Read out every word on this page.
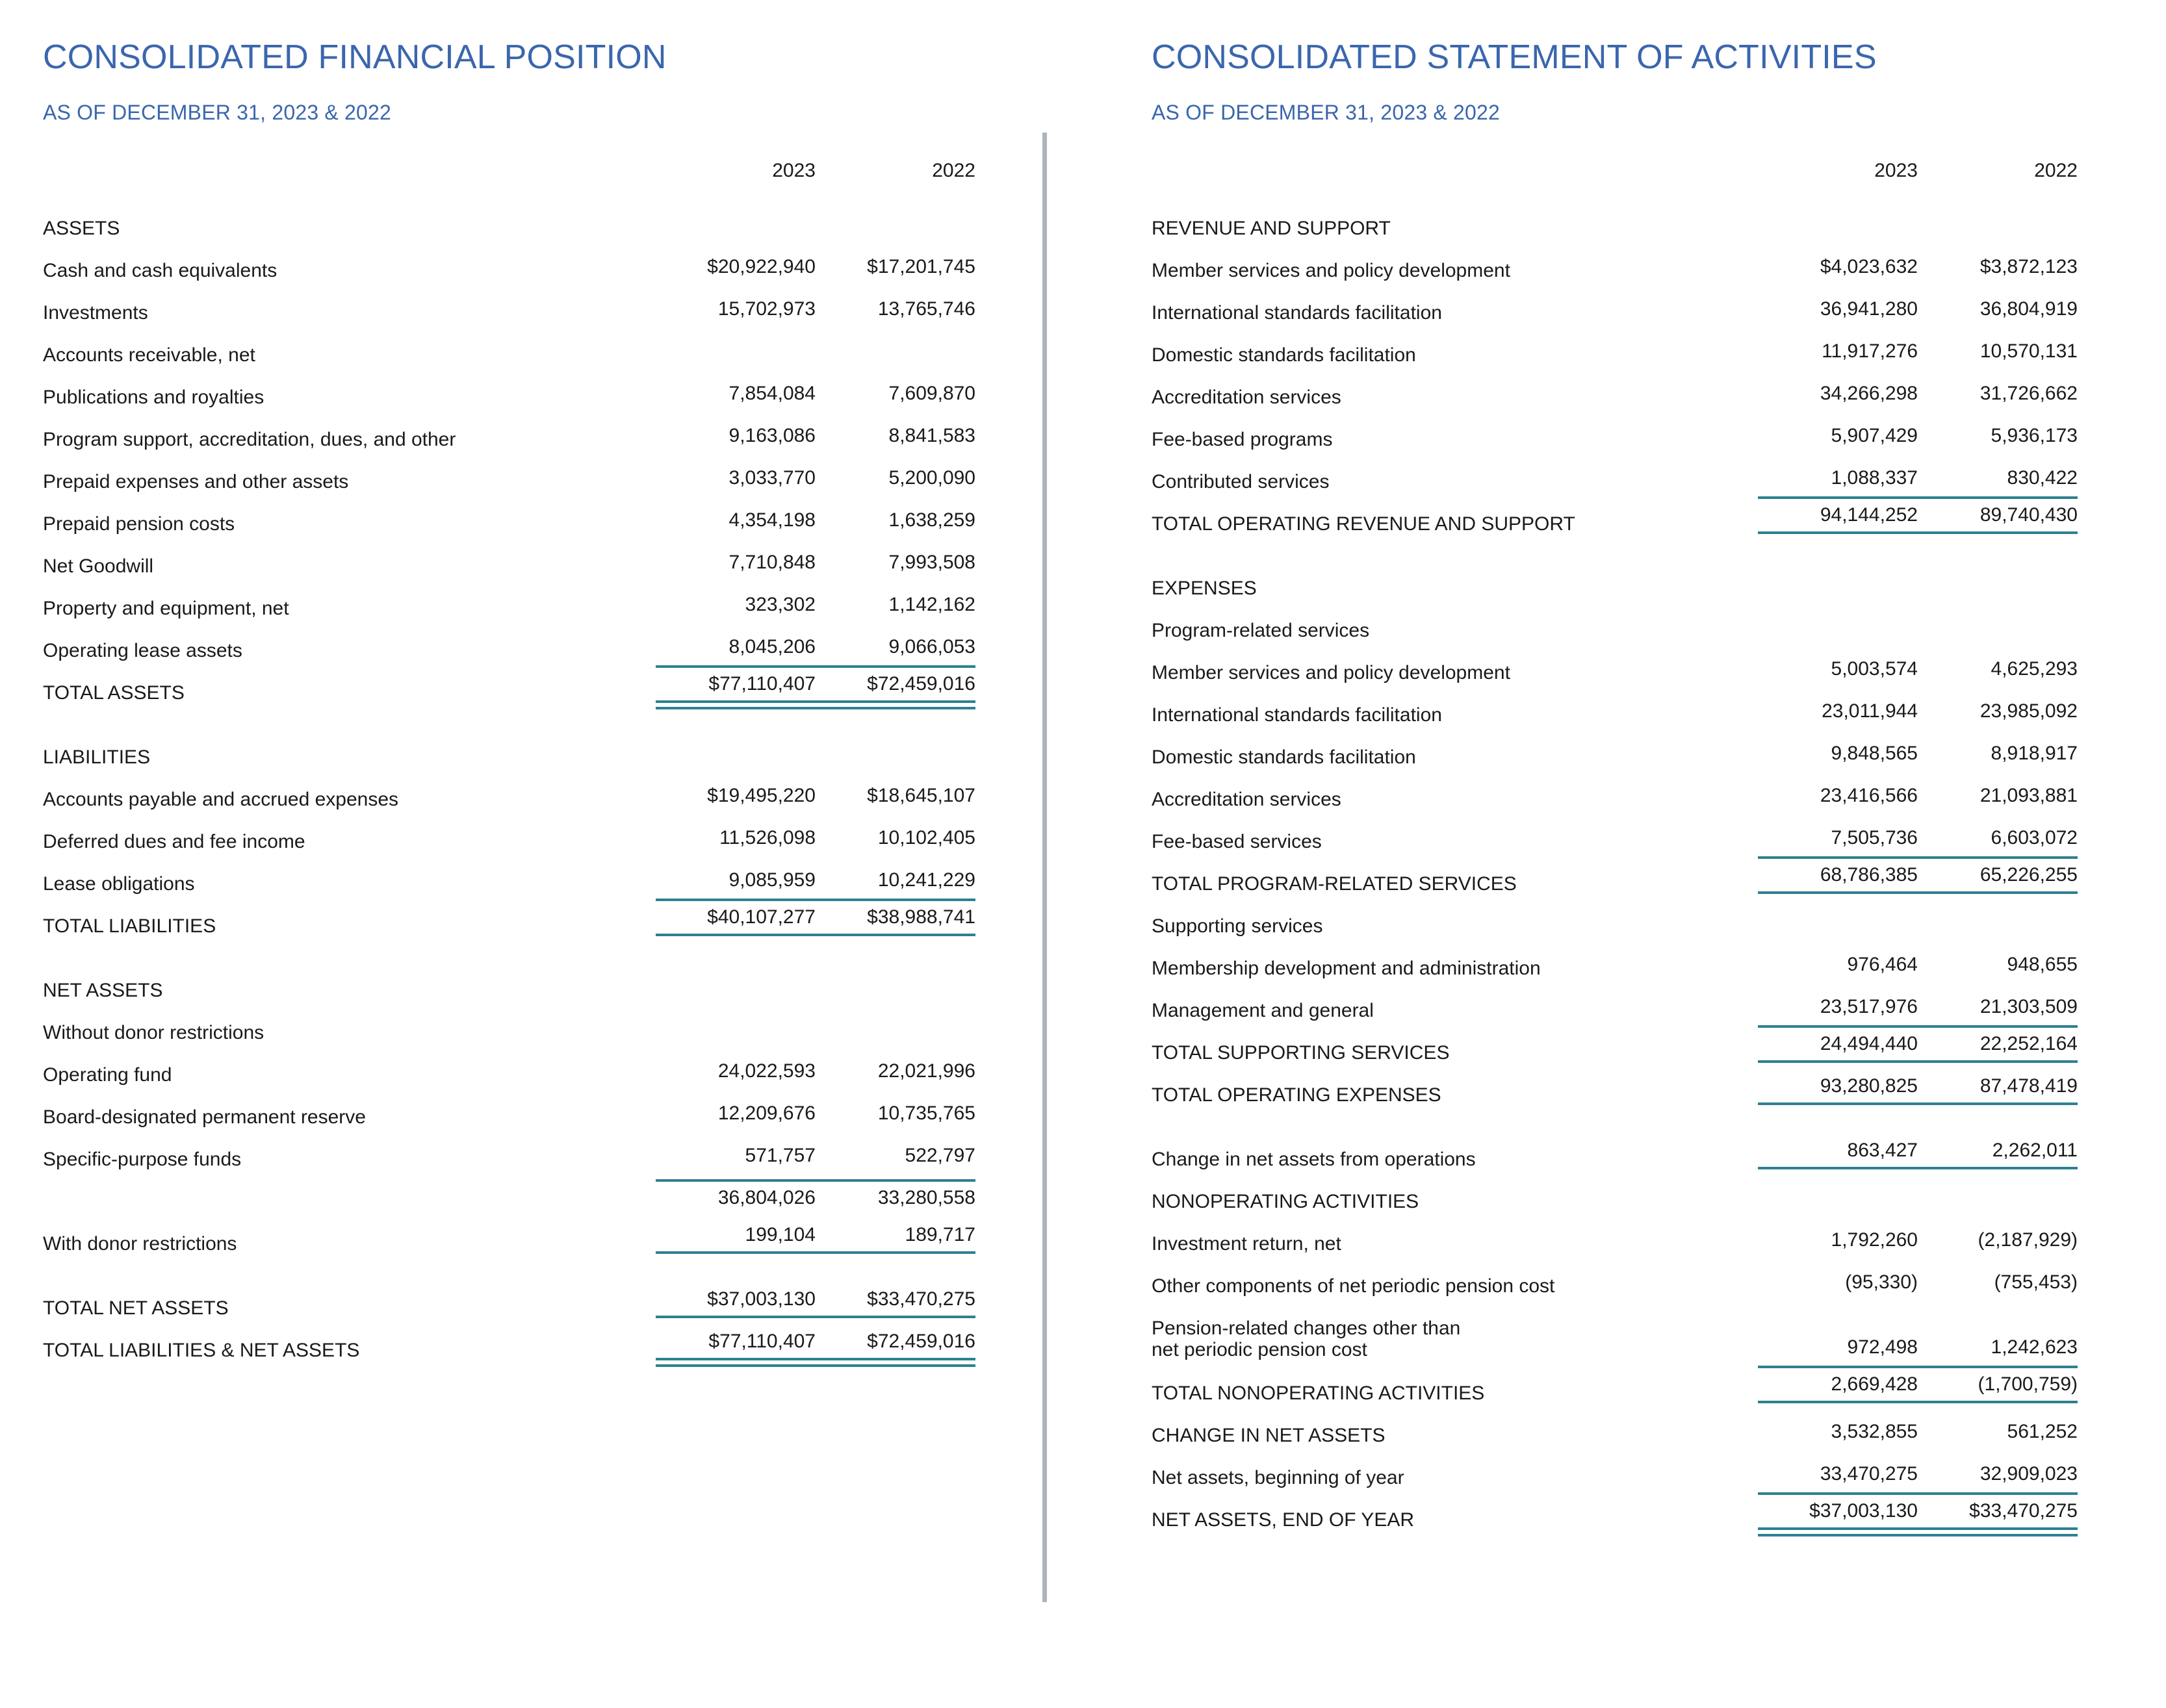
CONSOLIDATED FINANCIAL POSITION
AS OF DECEMBER 31, 2023 & 2022

	2023	2022

ASSETS	

Cash and cash equivalents	$20,922,940	$17,201,745

Investments	15,702,973	13,765,746

Accounts receivable, net	

Publications and royalties	7,854,084	7,609,870

Program support, accreditation, dues, and other	9,163,086	8,841,583

Prepaid expenses and other assets	3,033,770	5,200,090

Prepaid pension costs	4,354,198	1,638,259

Net Goodwill	7,710,848	7,993,508

Property and equipment, net	323,302	1,142,162

Operating lease assets	8,045,206	9,066,053

TOTAL ASSETS	$77,110,407	$72,459,016

LIABILITIES	

Accounts payable and accrued expenses	$19,495,220	$18,645,107

Deferred dues and fee income	11,526,098	10,102,405

Lease obligations	9,085,959	10,241,229

TOTAL LIABILITIES	$40,107,277	$38,988,741

NET ASSETS	

Without donor restrictions	

Operating fund	24,022,593	22,021,996

Board-designated permanent reserve	12,209,676	10,735,765

Specific-purpose funds	571,757	522,797

	36,804,026	33,280,558

With donor restrictions	199,104	189,717

TOTAL NET ASSETS	$37,003,130	$33,470,275

TOTAL LIABILITIES & NET ASSETS	$77,110,407	$72,459,016
CONSOLIDATED STATEMENT OF ACTIVITIES
AS OF DECEMBER 31, 2023 & 2022

	2023	2022

REVENUE AND SUPPORT	

Member services and policy development	$4,023,632	$3,872,123

International standards facilitation	36,941,280	36,804,919

Domestic standards facilitation	11,917,276	10,570,131

Accreditation services	34,266,298	31,726,662

Fee-based programs	5,907,429	5,936,173

Contributed services	1,088,337	830,422

TOTAL OPERATING REVENUE AND SUPPORT	94,144,252	89,740,430

EXPENSES	

Program-related services	

Member services and policy development	5,003,574	4,625,293

International standards facilitation	23,011,944	23,985,092

Domestic standards facilitation	9,848,565	8,918,917

Accreditation services	23,416,566	21,093,881

Fee-based services	7,505,736	6,603,072

TOTAL PROGRAM-RELATED SERVICES	68,786,385	65,226,255

Supporting services	

Membership development and administration	976,464	948,655

Management and general	23,517,976	21,303,509

TOTAL SUPPORTING SERVICES	24,494,440	22,252,164

TOTAL OPERATING EXPENSES	93,280,825	87,478,419

Change in net assets from operations	863,427	2,262,011

NONOPERATING ACTIVITIES	

Investment return, net	1,792,260	(2,187,929)

Other components of net periodic pension cost	(95,330)	(755,453)

Pension-related changes other than
net periodic pension cost	972,498	1,242,623

TOTAL NONOPERATING ACTIVITIES	2,669,428	(1,700,759)

CHANGE IN NET ASSETS	3,532,855	561,252

Net assets, beginning of year	33,470,275	32,909,023

NET ASSETS, END OF YEAR	$37,003,130	$33,470,275
